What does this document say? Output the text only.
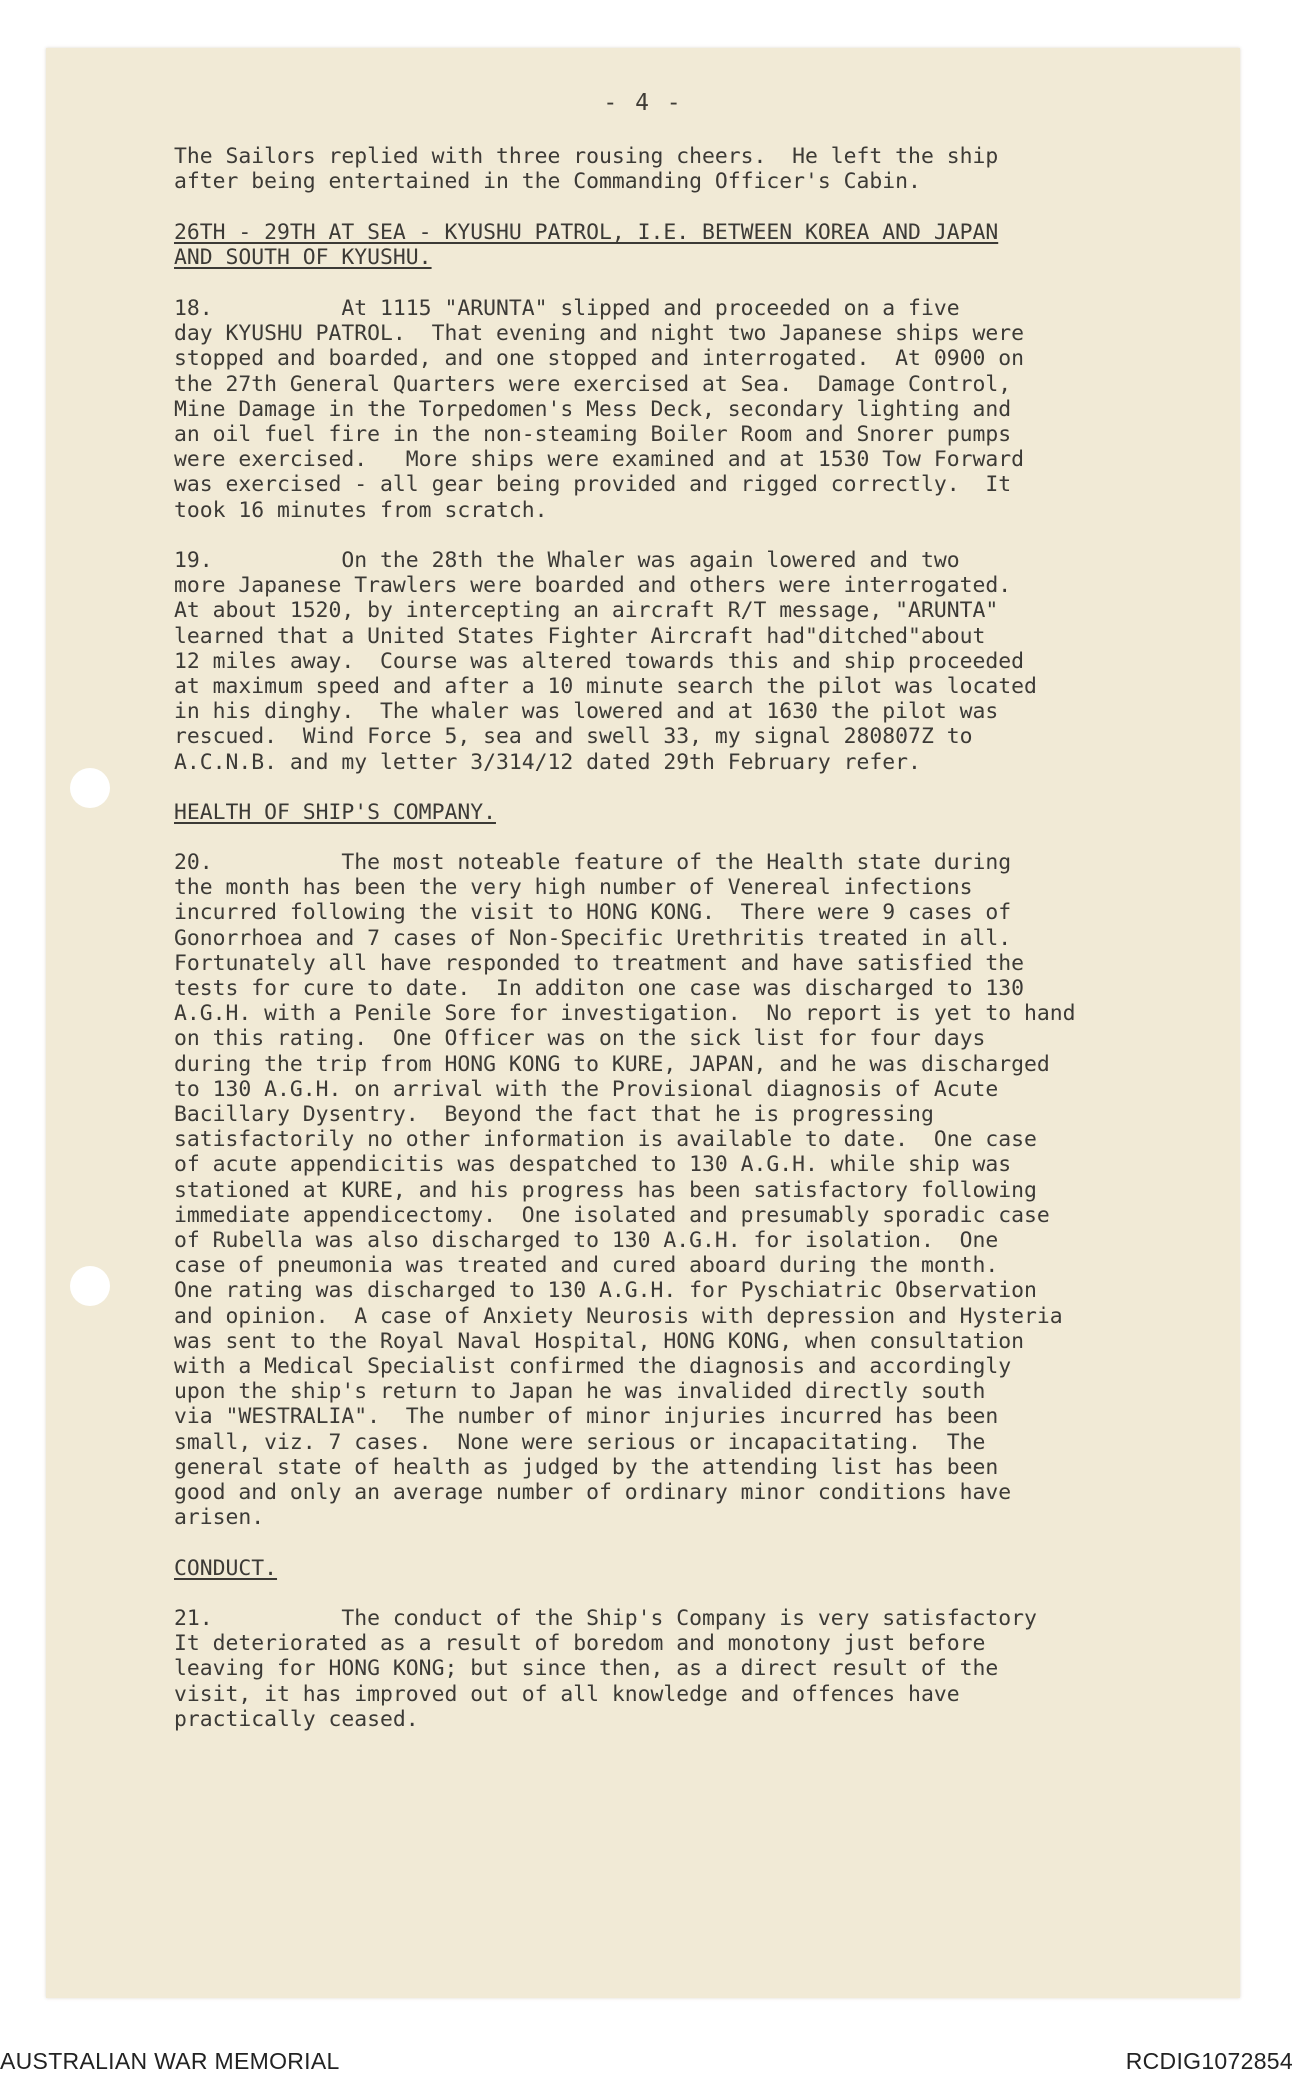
- 4 -
The Sailors replied with three rousing cheers.  He left the ship
after being entertained in the Commanding Officer's Cabin.
26TH - 29TH AT SEA - KYUSHU PATROL, I.E. BETWEEN KOREA AND JAPAN
AND SOUTH OF KYUSHU.
18.          At 1115 "ARUNTA" slipped and proceeded on a five
day KYUSHU PATROL.  That evening and night two Japanese ships were
stopped and boarded, and one stopped and interrogated.  At 0900 on
the 27th General Quarters were exercised at Sea.  Damage Control,
Mine Damage in the Torpedomen's Mess Deck, secondary lighting and
an oil fuel fire in the non-steaming Boiler Room and Snorer pumps
were exercised.   More ships were examined and at 1530 Tow Forward
was exercised - all gear being provided and rigged correctly.  It
took 16 minutes from scratch.
19.          On the 28th the Whaler was again lowered and two
more Japanese Trawlers were boarded and others were interrogated.
At about 1520, by intercepting an aircraft R/T message, "ARUNTA"
learned that a United States Fighter Aircraft had"ditched"about
12 miles away.  Course was altered towards this and ship proceeded
at maximum speed and after a 10 minute search the pilot was located
in his dinghy.  The whaler was lowered and at 1630 the pilot was
rescued.  Wind Force 5, sea and swell 33, my signal 280807Z to
A.C.N.B. and my letter 3/314/12 dated 29th February refer.
HEALTH OF SHIP'S COMPANY.
20.          The most noteable feature of the Health state during
the month has been the very high number of Venereal infections
incurred following the visit to HONG KONG.  There were 9 cases of
Gonorrhoea and 7 cases of Non-Specific Urethritis treated in all.
Fortunately all have responded to treatment and have satisfied the
tests for cure to date.  In additon one case was discharged to 130
A.G.H. with a Penile Sore for investigation.  No report is yet to hand
on this rating.  One Officer was on the sick list for four days
during the trip from HONG KONG to KURE, JAPAN, and he was discharged
to 130 A.G.H. on arrival with the Provisional diagnosis of Acute
Bacillary Dysentry.  Beyond the fact that he is progressing
satisfactorily no other information is available to date.  One case
of acute appendicitis was despatched to 130 A.G.H. while ship was
stationed at KURE, and his progress has been satisfactory following
immediate appendicectomy.  One isolated and presumably sporadic case
of Rubella was also discharged to 130 A.G.H. for isolation.  One
case of pneumonia was treated and cured aboard during the month.
One rating was discharged to 130 A.G.H. for Pyschiatric Observation
and opinion.  A case of Anxiety Neurosis with depression and Hysteria
was sent to the Royal Naval Hospital, HONG KONG, when consultation
with a Medical Specialist confirmed the diagnosis and accordingly
upon the ship's return to Japan he was invalided directly south
via "WESTRALIA".  The number of minor injuries incurred has been
small, viz. 7 cases.  None were serious or incapacitating.  The
general state of health as judged by the attending list has been
good and only an average number of ordinary minor conditions have
arisen.
CONDUCT.
21.          The conduct of the Ship's Company is very satisfactory
It deteriorated as a result of boredom and monotony just before
leaving for HONG KONG; but since then, as a direct result of the
visit, it has improved out of all knowledge and offences have
practically ceased.
AUSTRALIAN WAR MEMORIAL	RCDIG1072854
